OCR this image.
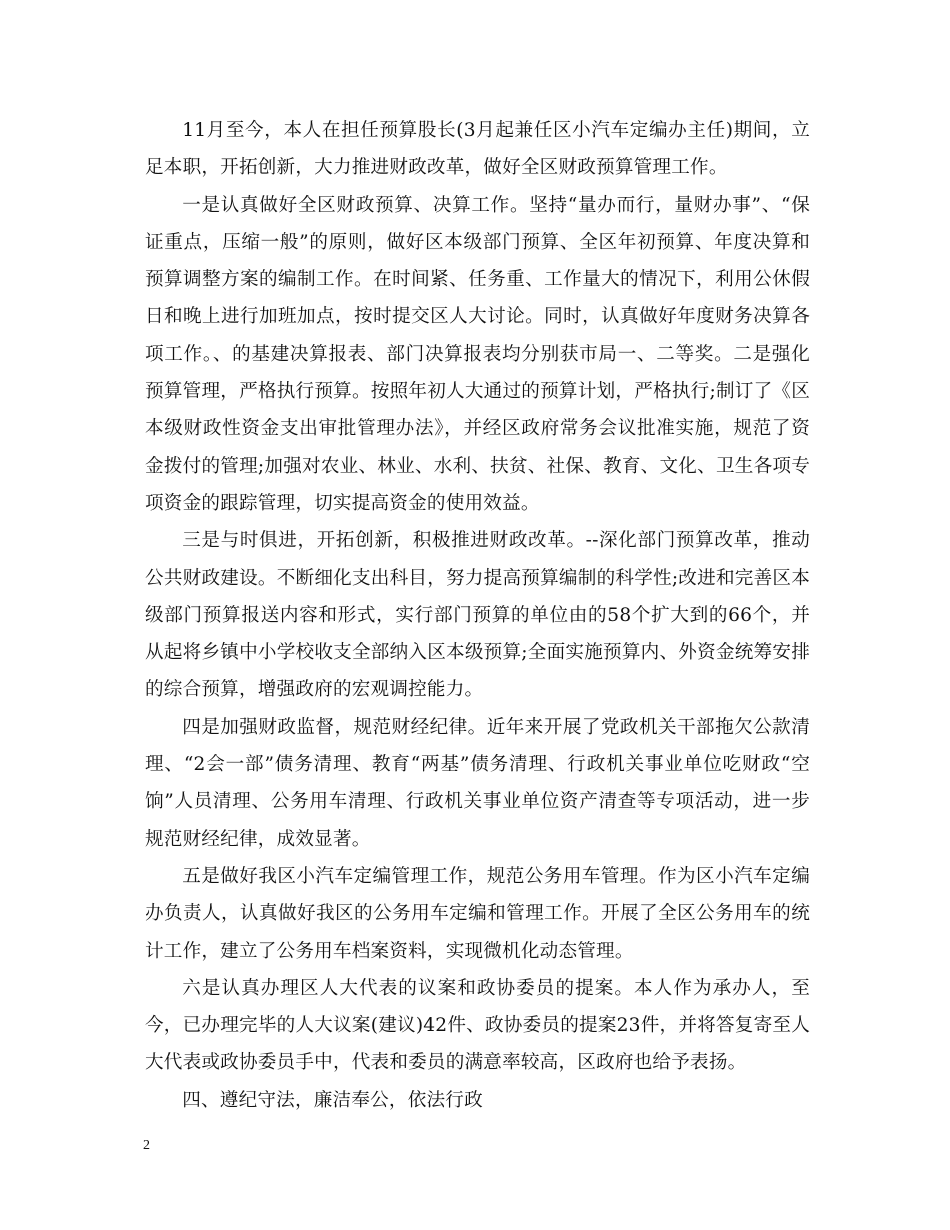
11月至今，本人在担任预算股长(3月起兼任区小汽车定编办主任)期间，立足本职，开拓创新，大力推进财政改革，做好全区财政预算管理工作。

一是认真做好全区财政预算、决算工作。坚持“量办而行，量财办事”、“保证重点，压缩一般”的原则，做好区本级部门预算、全区年初预算、年度决算和预算调整方案的编制工作。在时间紧、任务重、工作量大的情况下，利用公休假日和晚上进行加班加点，按时提交区人大讨论。同时，认真做好年度财务决算各项工作。、的基建决算报表、部门决算报表均分别获市局一、二等奖。二是强化预算管理，严格执行预算。按照年初人大通过的预算计划，严格执行;制订了《区本级财政性资金支出审批管理办法》，并经区政府常务会议批准实施，规范了资金拨付的管理;加强对农业、林业、水利、扶贫、社保、教育、文化、卫生各项专项资金的跟踪管理，切实提高资金的使用效益。

三是与时俱进，开拓创新，积极推进财政改革。--深化部门预算改革，推动公共财政建设。不断细化支出科目，努力提高预算编制的科学性;改进和完善区本级部门预算报送内容和形式，实行部门预算的单位由的58个扩大到的66个，并从起将乡镇中小学校收支全部纳入区本级预算;全面实施预算内、外资金统筹安排的综合预算，增强政府的宏观调控能力。

四是加强财政监督，规范财经纪律。近年来开展了党政机关干部拖欠公款清理、“2会一部”债务清理、教育“两基”债务清理、行政机关事业单位吃财政“空饷”人员清理、公务用车清理、行政机关事业单位资产清查等专项活动，进一步规范财经纪律，成效显著。

五是做好我区小汽车定编管理工作，规范公务用车管理。作为区小汽车定编办负责人，认真做好我区的公务用车定编和管理工作。开展了全区公务用车的统计工作，建立了公务用车档案资料，实现微机化动态管理。

六是认真办理区人大代表的议案和政协委员的提案。本人作为承办人，至今，已办理完毕的人大议案(建议)42件、政协委员的提案23件，并将答复寄至人大代表或政协委员手中，代表和委员的满意率较高，区政府也给予表扬。

四、遵纪守法，廉洁奉公，依法行政

2
